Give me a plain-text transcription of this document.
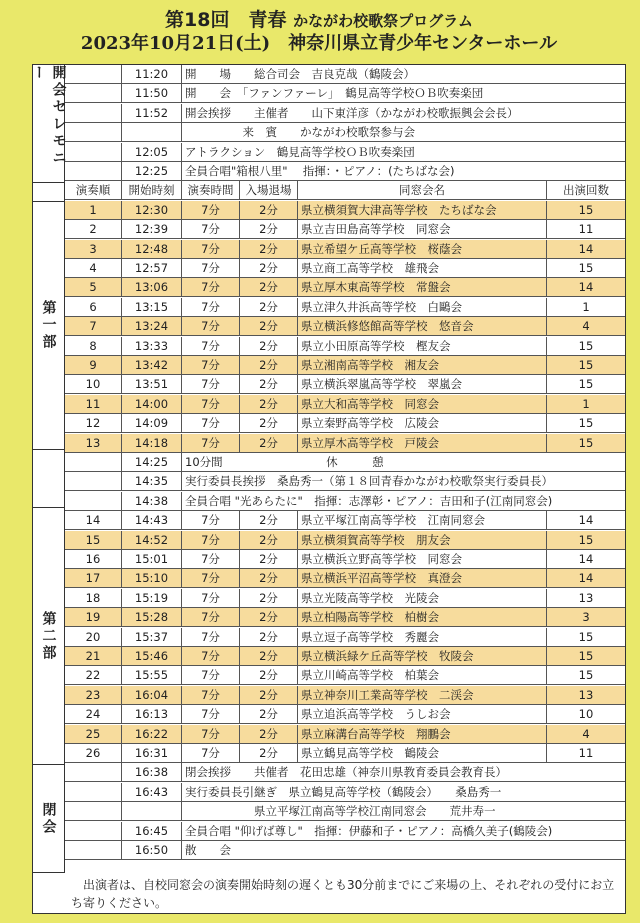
第18回　青春 かながわ校歌祭プログラム
2023年10月21日(土)　神奈川県立青少年センターホール
開会セレモニー
第一部
第二部
閉会
11:20	開　　場　　総合司会　吉良克哉（鶴陵会）
11:50	開　　会　「ファンファーレ」　鶴見高等学校ＯＢ吹奏楽団
11:52	開会挨拶　　主催者　　山下東洋彦（かながわ校歌振興会会長）
　　　　　来　賓　　かながわ校歌祭参与会
12:05	アトラクション　鶴見高等学校ＯＢ吹奏楽団
12:25	全員合唱"箱根八里"　 指揮：・ピアノ：(たちばな会)
演奏順	開始時刻	演奏時間	入場退場	同窓会名	出演回数
1	12:30	7分	2分	県立横須賀大津高等学校　たちばな会	15
2	12:39	7分	2分	県立吉田島高等学校　同窓会	11
3	12:48	7分	2分	県立希望ケ丘高等学校　桜蔭会	14
4	12:57	7分	2分	県立商工高等学校　雄飛会	15
5	13:06	7分	2分	県立厚木東高等学校　常盤会	14
6	13:15	7分	2分	県立津久井浜高等学校　白鷗会	1
7	13:24	7分	2分	県立横浜修悠館高等学校　悠音会	4
8	13:33	7分	2分	県立小田原高等学校　樫友会	15
9	13:42	7分	2分	県立湘南高等学校　湘友会	15
10	13:51	7分	2分	県立横浜翠嵐高等学校　翠嵐会	15
11	14:00	7分	2分	県立大和高等学校　同窓会	1
12	14:09	7分	2分	県立秦野高等学校　広陵会	15
13	14:18	7分	2分	県立厚木高等学校　戸陵会	15
14:25	10分間　　　　　　　　　休　　　憩
14:35	実行委員長挨拶　桑島秀一（第１８回青春かながわ校歌祭実行委員長）
14:38	全員合唱 "光あらたに"　指揮：志澤彰・ピアノ：吉田和子(江南同窓会)
14	14:43	7分	2分	県立平塚江南高等学校　江南同窓会	14
15	14:52	7分	2分	県立横須賀高等学校　朋友会	15
16	15:01	7分	2分	県立横浜立野高等学校　同窓会	14
17	15:10	7分	2分	県立横浜平沼高等学校　真澄会	14
18	15:19	7分	2分	県立光陵高等学校　光陵会	13
19	15:28	7分	2分	県立柏陽高等学校　柏樹会	3
20	15:37	7分	2分	県立逗子高等学校　秀麗会	15
21	15:46	7分	2分	県立横浜緑ケ丘高等学校　牧陵会	15
22	15:55	7分	2分	県立川崎高等学校　柏葉会	15
23	16:04	7分	2分	県立神奈川工業高等学校　二渓会	13
24	16:13	7分	2分	県立追浜高等学校　うしお会	10
25	16:22	7分	2分	県立麻溝台高等学校　翔鵬会	4
26	16:31	7分	2分	県立鶴見高等学校　鶴陵会	11
16:38	閉会挨拶　　共催者　花田忠雄（神奈川県教育委員会教育長）
16:43	実行委員長引継ぎ　県立鶴見高等学校（鶴陵会）　　桑島秀一
　　　　　　県立平塚江南高等学校江南同窓会　　荒井寿一
16:45	全員合唱 "仰げば尊し"　指揮：伊藤和子・ピアノ：高橋久美子(鶴陵会)
16:50	散　　会
　出演者は、自校同窓会の演奏開始時刻の遅くとも30分前までにご来場の上、それぞれの受付にお立ち寄りください。
